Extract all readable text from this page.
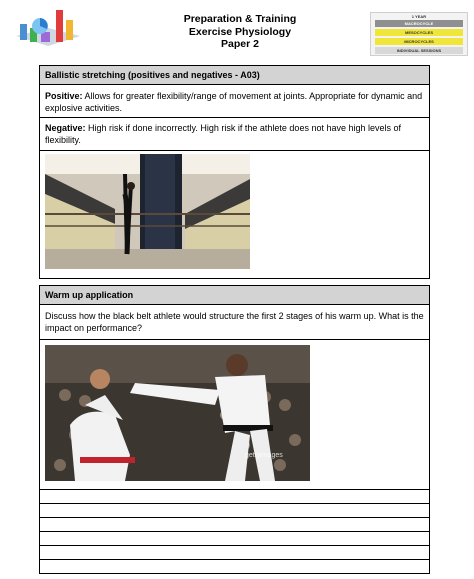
Preparation & Training
Exercise Physiology
Paper 2
1 YEAR
MACROCYCLE
MESOCYCLES
MICROCYCLES
INDIVIDUAL SESSIONS
Ballistic stretching (positives and negatives - A03)
Positive: Allows for greater flexibility/range of movement at joints. Appropriate for dynamic and explosive activities.
Negative: High risk if done incorrectly. High risk if the athlete does not have high levels of flexibility.
Warm up application
Discuss how the black belt athlete would structure the first 2 stages of his warm up. What is the impact on performance?
gettyimages
